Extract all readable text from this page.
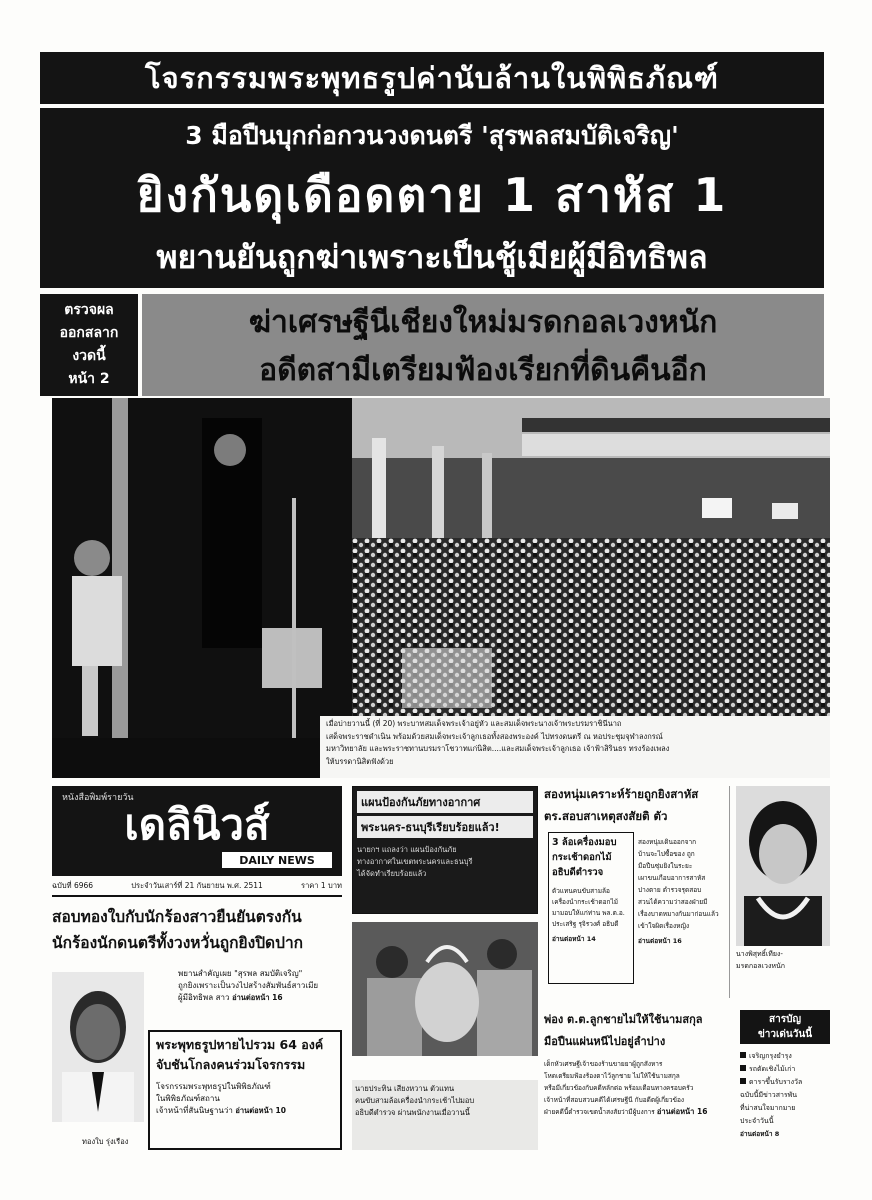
โจรกรรมพระพุทธรูปค่านับล้านในพิพิธภัณฑ์
3 มือปืนบุกก่อกวนวงดนตรี 'สุรพลสมบัติเจริญ'
ยิงกันดุเดือดตาย 1 สาหัส 1
พยานยันถูกฆ่าเพราะเป็นชู้เมียผู้มีอิทธิพล
ตรวจผล
ออกสลาก
งวดนี้
หน้า 2
ฆ่าเศรษฐีนีเชียงใหม่มรดกอลเวงหนัก
อดีตสามีเตรียมฟ้องเรียกที่ดินคืนอีก
เมื่อบ่ายวานนี้ (ที่ 20) พระบาทสมเด็จพระเจ้าอยู่หัว และสมเด็จพระนางเจ้าพระบรมราชินีนาถ
เสด็จพระราชดำเนิน พร้อมด้วยสมเด็จพระเจ้าลูกเธอทั้งสองพระองค์ ไปทรงดนตรี ณ หอประชุมจุฬาลงกรณ์
มหาวิทยาลัย และพระราชทานบรมราโชวาทแก่นิสิต....และสมเด็จพระเจ้าลูกเธอ เจ้าฟ้าสิรินธร ทรงร้องเพลง
ให้บรรดานิสิตฟังด้วย
หนังสือพิมพ์รายวัน
เดลินิวส์
DAILY NEWS
ฉบับที่ 6966	ประจำวันเสาร์ที่ 21 กันยายน พ.ศ. 2511	ราคา 1 บาท
สอบทองใบกับนักร้องสาวยืนยันตรงกัน
นักร้องนักดนตรีทั้งวงหวั่นถูกยิงปิดปาก
พยานสำคัญเผย "สุรพล สมบัติเจริญ"
ถูกยิงเพราะเป็นวงไปสร้างสัมพันธ์สาวเมีย
ผู้มีอิทธิพล สาว อ่านต่อหน้า 16
ทองใบ รุ่งเรือง
พระพุทธรูปหายไปรวม 64 องค์
จับชันโกลงคนร่วมโจรกรรม
โจรกรรมพระพุทธรูปในพิพิธภัณฑ์
ในพิพิธภัณฑ์สถาน
เจ้าหน้าที่สันนิษฐานว่า อ่านต่อหน้า 10
แผนป้องกันภัยทางอากาศ
พระนคร-ธนบุรีเรียบร้อยแล้ว!
นายกฯ แถลงว่า แผนป้องกันภัย
ทางอากาศในเขตพระนครและธนบุรี
ได้จัดทำเรียบร้อยแล้ว
นายประทิน เสียงหวาน ตัวแทน
คนขับสามล้อเครื่องนำกระเช้าไปมอบ
อธิบดีตำรวจ ผ่านพนักงานเมื่อวานนี้
สองหนุ่มเคราะห์ร้ายถูกยิงสาหัส
ตร.สอบสาเหตุสงสัยติ ตัว
3 ล้อเครื่องมอบ
กระเช้าดอกไม้
อธิบดีตำรวจ
ตัวแทนคนขับสามล้อ
เครื่องนำกระเช้าดอกไม้
มามอบให้แก่ท่าน พล.ต.อ.
ประเสริฐ รุจิรวงศ์ อธิบดี
อ่านต่อหน้า 14
สองหนุ่มเดินออกจาก
บ้านจะไปซื้อของ ถูก
มือปืนซุ่มยิงในระยะ
เผาขนเกือบอาการสาหัส
ปางตาย ตำรวจรุดสอบ
สวนได้ความว่าสองฝ่ายมี
เรื่องบาดหมางกันมาก่อนแล้ว
เข้าใจผิดเรื่องหญิง
อ่านต่อหน้า 16
นางพิสุทธิ์เทียง-
มรดกอลเวงหนัก
พ่อง ต.ต.ลูกชายไม่ให้ใช้นามสกุล
มือปืนแผ่นหนีไปอยู่ลำปาง
เด็กหัวเศรษฐีเจ้าของร้านขายยาผู้ถูกสังหาร
โหดเตรียมฟ้องร้องตาไว้ลูกชาย ไม่ให้ใช้นามสกุล
หรือมีเกี่ยวข้องกับคดีหลักต่อ พร้อมเตือนทางครอบครัว
เจ้าหน้าที่สอบสวนคดีได้เศรษฐีนี กับอดีตผู้เกี่ยวข้อง
ฝ่ายคดีนี้ตำรวจเขตน้ำสงสัยว่ามีผู้บงการ อ่านต่อหน้า 16
สารบัญ
ข่าวเด่นวันนี้
เจริญกรุงยำรุง
รถตัดเชิงไม้เก่า
ดาราขึ้นรับรางวัล
ฉบับนี้มีข่าวสารพัน
ที่น่าสนใจมากมาย
ประจำวันนี้
อ่านต่อหน้า 8
